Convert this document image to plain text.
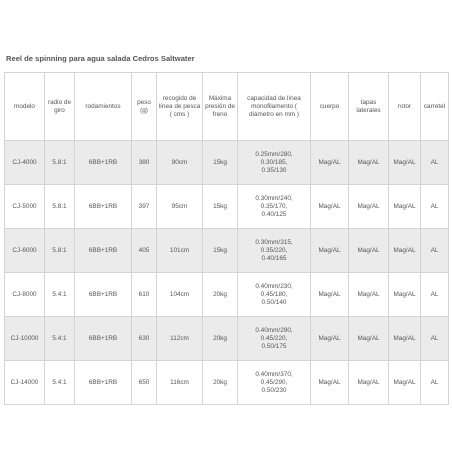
Reel de spinning para agua salada Cedros Saltwater
modelo	radio de giro	rodamientos	peso (g)	recogido de línea de pesca ( cms )	Máxima presión de freno	capacidad de línea monofilamento ( diámetro en mm )	cuerpo	tapas laterales	rotor	carretel
CJ-4000	5.8:1	6BB+1RB	380	90cm	15kg	0.25mm/280,
0.30/185,
0.35/130	Mag/AL	Mag/AL	Mag/AL	AL
CJ-5000	5.8:1	6BB+1RB	397	95cm	15kg	0.30mm/240,
0.35/170,
0.40/125	Mag/AL	Mag/AL	Mag/AL	AL
CJ-6000	5.8:1	6BB+1RB	405	101cm	15kg	0.30mm/315,
0.35/220,
0.40/165	Mag/AL	Mag/AL	Mag/AL	AL
CJ-8000	5.4:1	6BB+1RB	610	104cm	20kg	0.40mm/230,
0.45/180,
0.50/140	Mag/AL	Mag/AL	Mag/AL	AL
CJ-10000	5.4:1	6BB+1RB	630	112cm	20kg	0.40mm/290,
0.45/220,
0.50/175	Mag/AL	Mag/AL	Mag/AL	AL
CJ-14000	5.4:1	6BB+1RB	650	116cm	20kg	0.40mm/370,
0.45/290,
0.50/230	Mag/AL	Mag/AL	Mag/AL	AL
